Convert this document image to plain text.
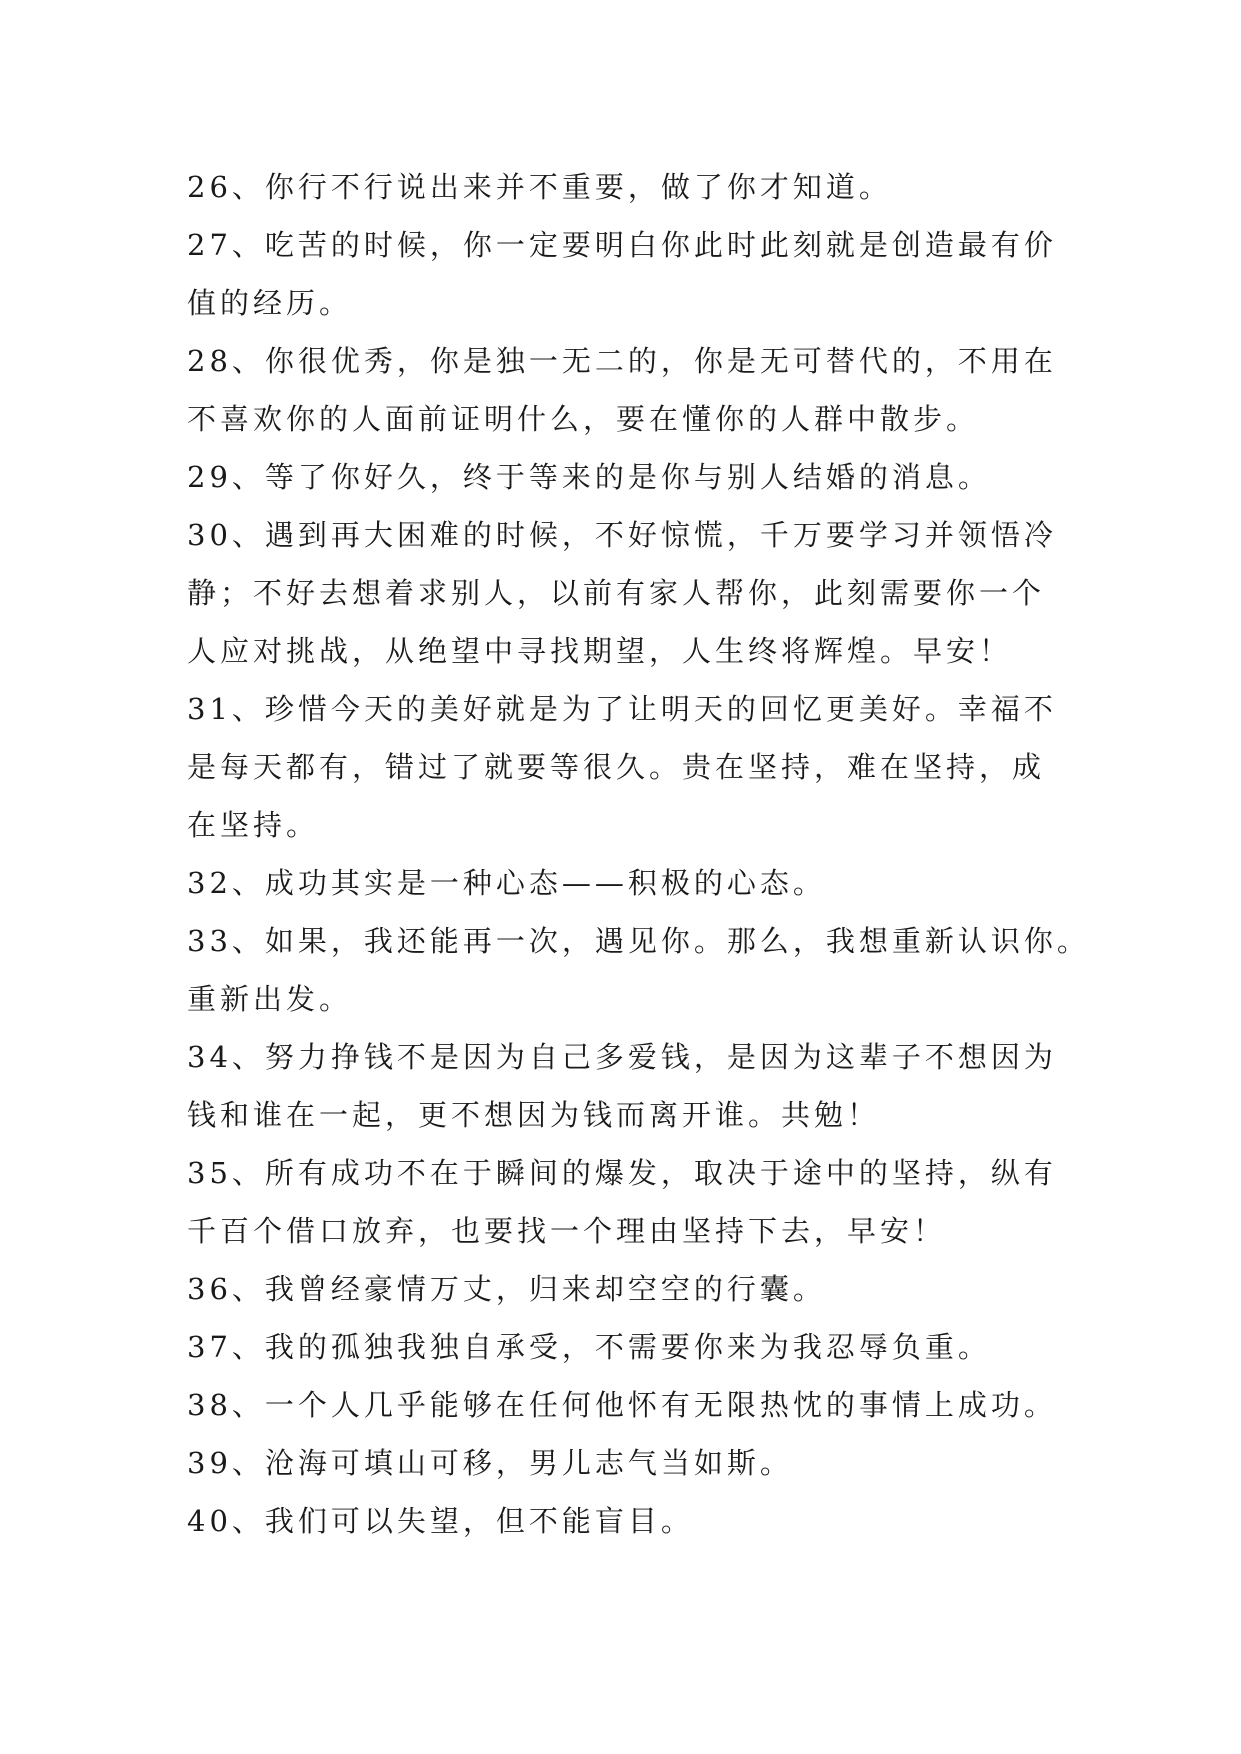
26、你行不行说出来并不重要，做了你才知道。
27、吃苦的时候，你一定要明白你此时此刻就是创造最有价
值的经历。
28、你很优秀，你是独一无二的，你是无可替代的，不用在
不喜欢你的人面前证明什么，要在懂你的人群中散步。
29、等了你好久，终于等来的是你与别人结婚的消息。
30、遇到再大困难的时候，不好惊慌，千万要学习并领悟冷
静；不好去想着求别人，以前有家人帮你，此刻需要你一个
人应对挑战，从绝望中寻找期望，人生终将辉煌。早安！
31、珍惜今天的美好就是为了让明天的回忆更美好。幸福不
是每天都有，错过了就要等很久。贵在坚持，难在坚持，成
在坚持。
32、成功其实是一种心态——积极的心态。
33、如果，我还能再一次，遇见你。那么，我想重新认识你。
重新出发。
34、努力挣钱不是因为自己多爱钱，是因为这辈子不想因为
钱和谁在一起，更不想因为钱而离开谁。共勉！
35、所有成功不在于瞬间的爆发，取决于途中的坚持，纵有
千百个借口放弃，也要找一个理由坚持下去，早安！
36、我曾经豪情万丈，归来却空空的行囊。
37、我的孤独我独自承受，不需要你来为我忍辱负重。
38、一个人几乎能够在任何他怀有无限热忱的事情上成功。
39、沧海可填山可移，男儿志气当如斯。
40、我们可以失望，但不能盲目。
